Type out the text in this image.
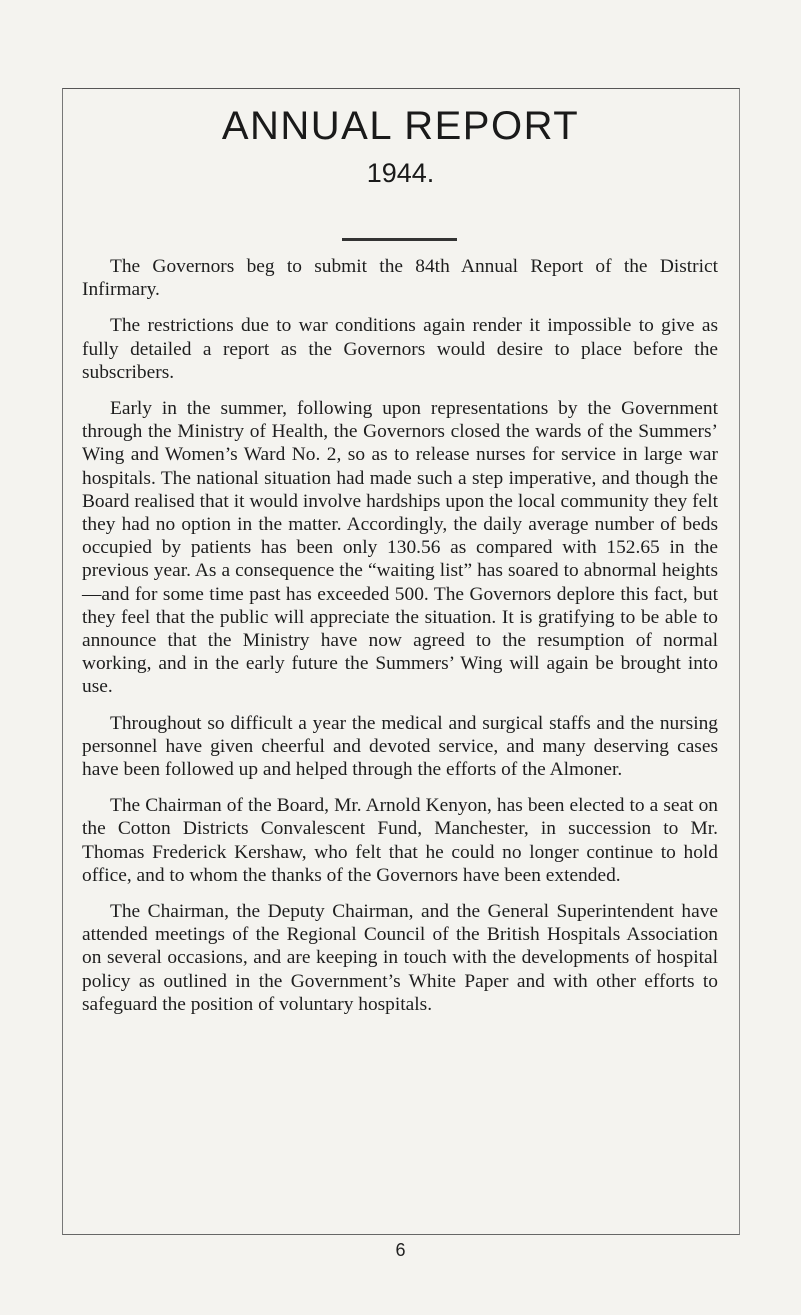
ANNUAL REPORT
1944.

The Governors beg to submit the 84th Annual Report of the District Infirmary.

The restrictions due to war conditions again render it impossible to give as fully detailed a report as the Governors would desire to place before the subscribers.

Early in the summer, following upon representations by the Government through the Ministry of Health, the Governors closed the wards of the Summers’ Wing and Women’s Ward No. 2, so as to release nurses for service in large war hospitals. The national situation had made such a step imperative, and though the Board realised that it would involve hardships upon the local community they felt they had no option in the matter. Accordingly, the daily average number of beds occupied by patients has been only 130.56 as compared with 152.65 in the previous year. As a consequence the “waiting list” has soared to abnormal heights—and for some time past has exceeded 500. The Governors deplore this fact, but they feel that the public will appreciate the situation. It is gratifying to be able to announce that the Ministry have now agreed to the resumption of normal working, and in the early future the Summers’ Wing will again be brought into use.

Throughout so difficult a year the medical and surgical staffs and the nursing personnel have given cheerful and devoted service, and many deserving cases have been followed up and helped through the efforts of the Almoner.

The Chairman of the Board, Mr. Arnold Kenyon, has been elected to a seat on the Cotton Districts Convalescent Fund, Manchester, in succession to Mr. Thomas Frederick Kershaw, who felt that he could no longer continue to hold office, and to whom the thanks of the Governors have been extended.

The Chairman, the Deputy Chairman, and the General Superintendent have attended meetings of the Regional Council of the British Hospitals Association on several occasions, and are keeping in touch with the developments of hospital policy as outlined in the Government’s White Paper and with other efforts to safeguard the position of voluntary hospitals.

6
